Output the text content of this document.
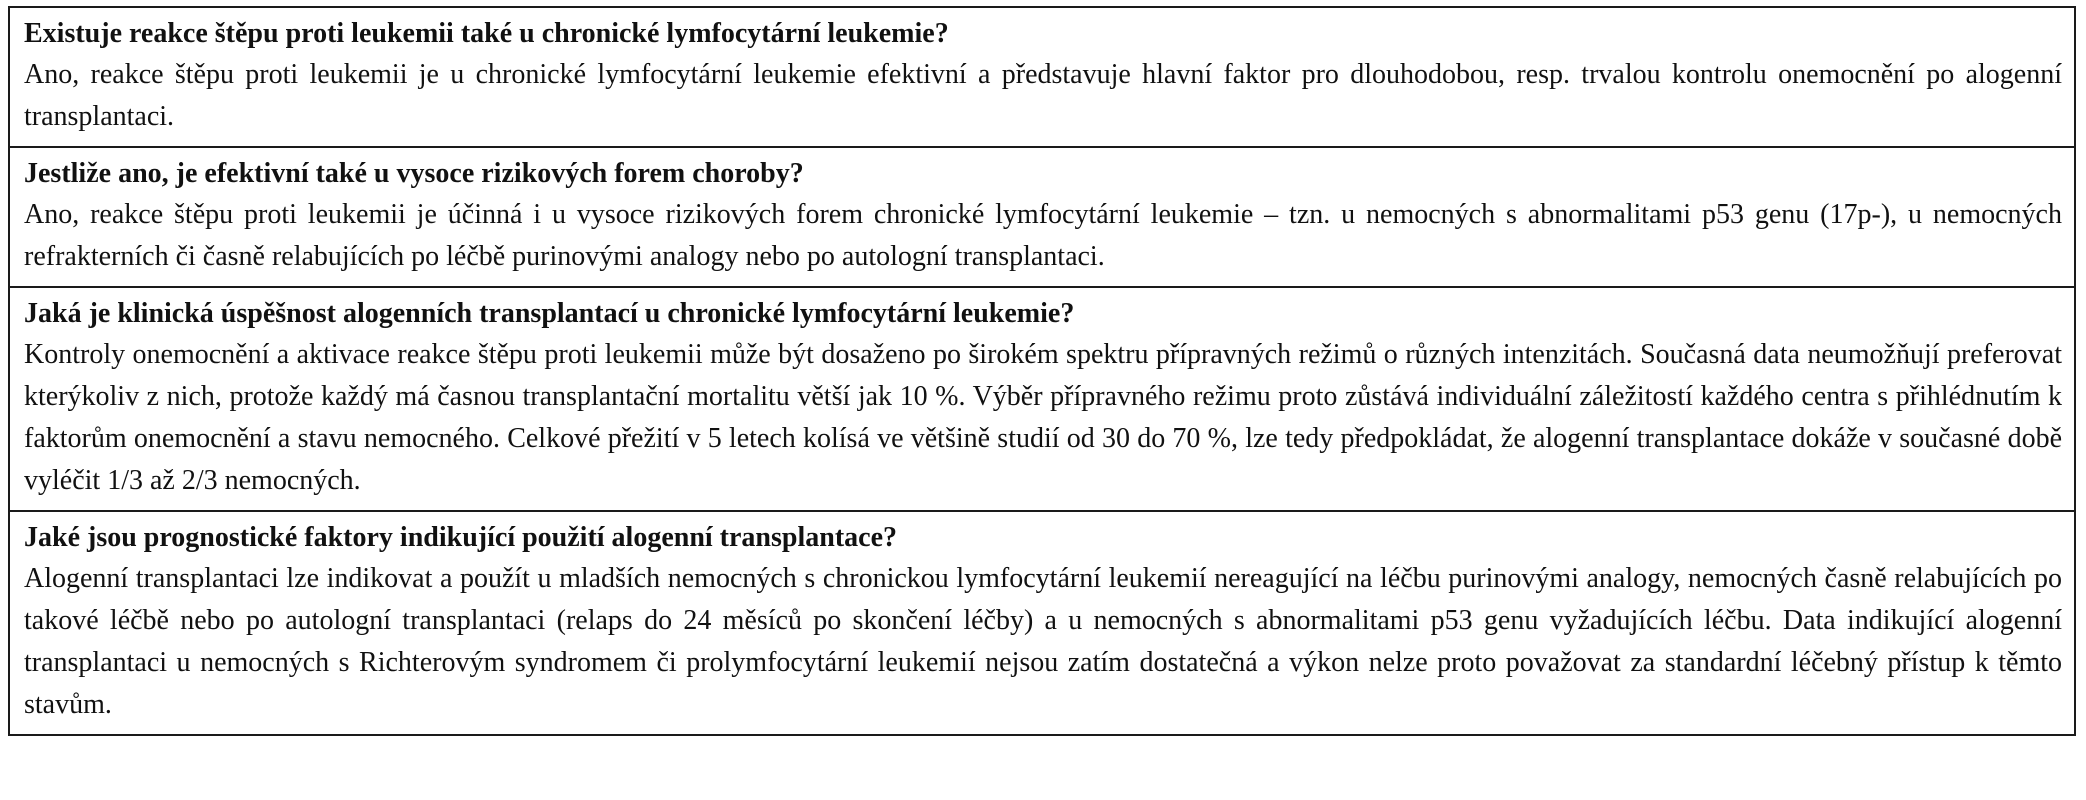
Existuje reakce štěpu proti leukemii také u chronické lymfocytární leukemie?

Ano, reakce štěpu proti leukemii je u chronické lymfocytární leukemie efektivní a představuje hlavní faktor pro dlouhodobou, resp. trvalou kontrolu onemocnění po alogenní transplantaci.

Jestliže ano, je efektivní také u vysoce rizikových forem choroby?

Ano, reakce štěpu proti leukemii je účinná i u vysoce rizikových forem chronické lymfocytární leukemie – tzn. u nemocných s abnormalitami p53 genu (17p-), u nemocných refrakterních či časně relabujících po léčbě purinovými analogy nebo po autologní transplantaci.

Jaká je klinická úspěšnost alogenních transplantací u chronické lymfocytární leukemie?

Kontroly onemocnění a aktivace reakce štěpu proti leukemii může být dosaženo po širokém spektru přípravných režimů o různých intenzitách. Současná data neumožňují preferovat kterýkoliv z nich, protože každý má časnou transplantační mortalitu větší jak 10 %. Výběr přípravného režimu proto zůstává individuální záležitostí každého centra s přihlédnutím k faktorům onemocnění a stavu nemocného. Celkové přežití v 5 letech kolísá ve většině studií od 30 do 70 %, lze tedy předpokládat, že alogenní transplantace dokáže v současné době vyléčit 1/3 až 2/3 nemocných.

Jaké jsou prognostické faktory indikující použití alogenní transplantace?

Alogenní transplantaci lze indikovat a použít u mladších nemocných s chronickou lymfocytární leukemií nereagující na léčbu purinovými analogy, nemocných časně relabujících po takové léčbě nebo po autologní transplantaci (relaps do 24 měsíců po skončení léčby) a u nemocných s abnormalitami p53 genu vyžadujících léčbu. Data indikující alogenní transplantaci u nemocných s Richterovým syndromem či prolymfocytární leukemií nejsou zatím dostatečná a výkon nelze proto považovat za standardní léčebný přístup k těmto stavům.
